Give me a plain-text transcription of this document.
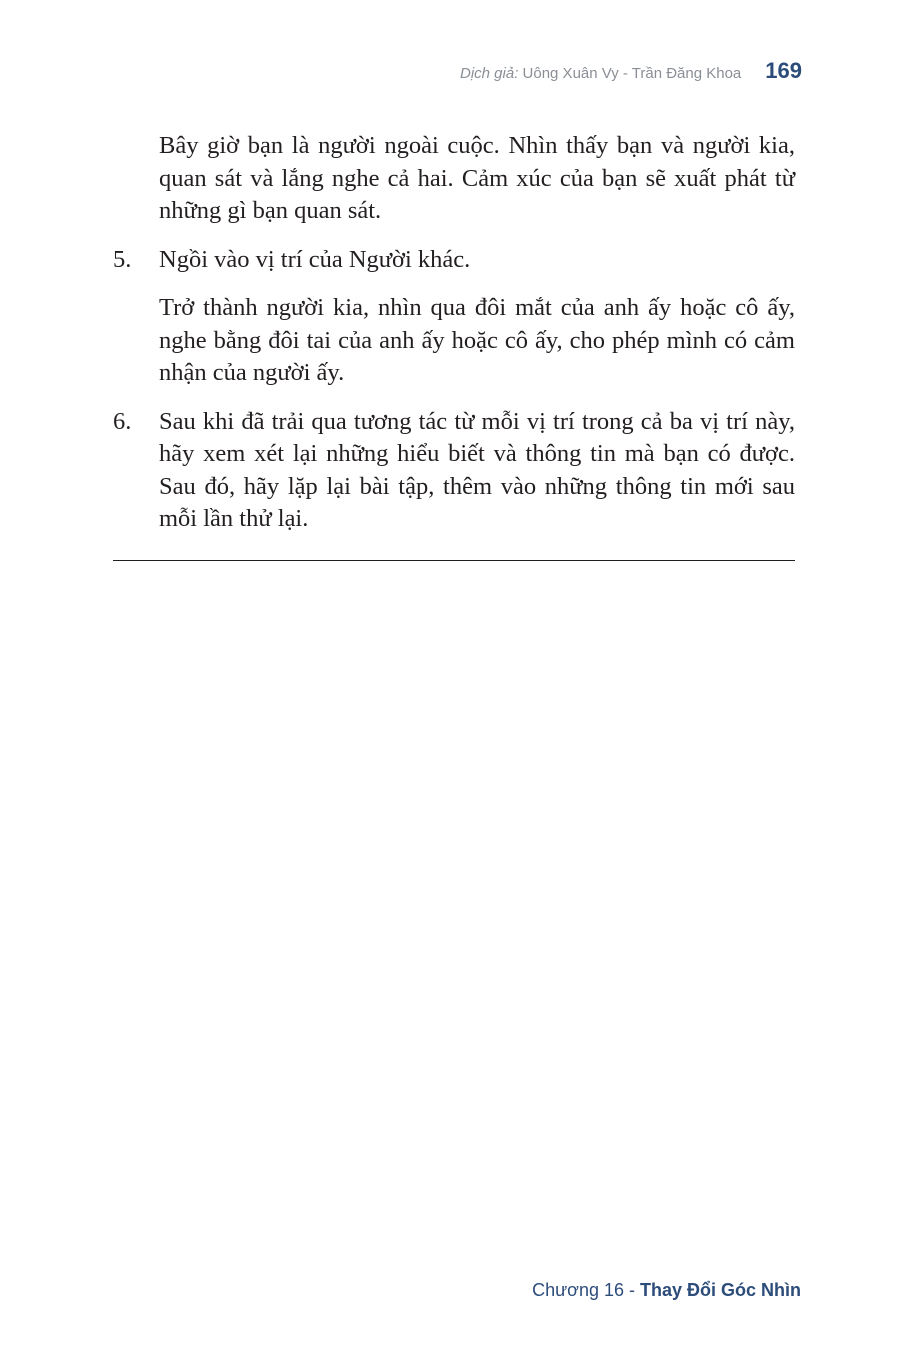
Dịch giả: Uông Xuân Vy - Trần Đăng Khoa 169

Bây giờ bạn là người ngoài cuộc. Nhìn thấy bạn và người kia, quan sát và lắng nghe cả hai. Cảm xúc của bạn sẽ xuất phát từ những gì bạn quan sát.

5.	Ngồi vào vị trí của Người khác.

Trở thành người kia, nhìn qua đôi mắt của anh ấy hoặc cô ấy, nghe bằng đôi tai của anh ấy hoặc cô ấy, cho phép mình có cảm nhận của người ấy.

6.	Sau khi đã trải qua tương tác từ mỗi vị trí trong cả ba vị trí này, hãy xem xét lại những hiểu biết và thông tin mà bạn có được. Sau đó, hãy lặp lại bài tập, thêm vào những thông tin mới sau mỗi lần thử lại.
Chương 16 - Thay Đổi Góc Nhìn
